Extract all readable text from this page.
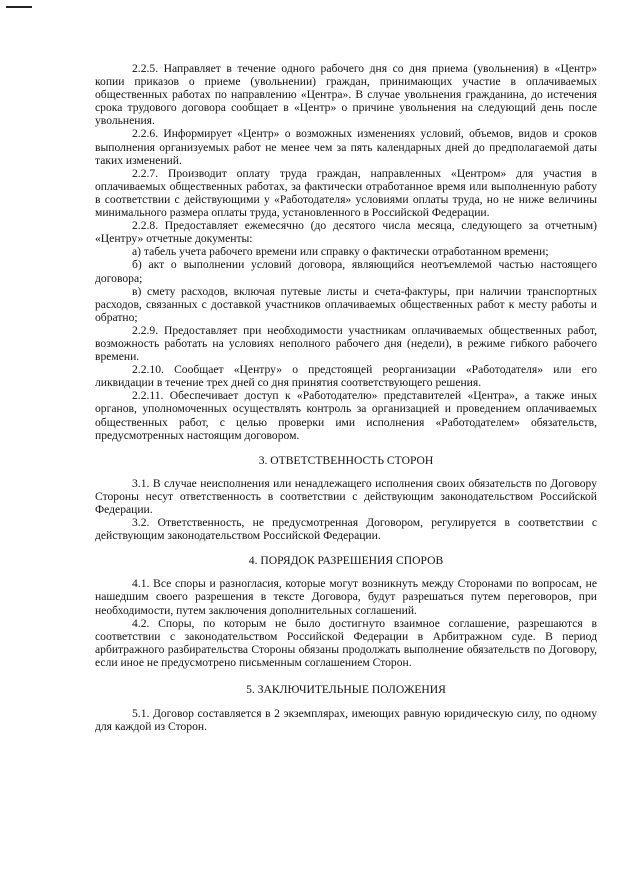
2.2.5. Направляет в течение одного рабочего дня со дня приема (увольнения) в «Центр» копии приказов о приеме (увольнении) граждан, принимающих участие в оплачиваемых общественных работах по направлению «Центра». В случае увольнения гражданина, до истечения срока трудового договора сообщает в «Центр» о причине увольнения на следующий день после увольнения.

2.2.6. Информирует «Центр» о возможных изменениях условий, объемов, видов и сроков выполнения организуемых работ не менее чем за пять календарных дней до предполагаемой даты таких изменений.

2.2.7. Производит оплату труда граждан, направленных «Центром» для участия в оплачиваемых общественных работах, за фактически отработанное время или выполненную работу в соответствии с действующими у «Работодателя» условиями оплаты труда, но не ниже величины минимального размера оплаты труда, установленного в Российской Федерации.

2.2.8. Предоставляет ежемесячно (до десятого числа месяца, следующего за отчетным) «Центру» отчетные документы:

а) табель учета рабочего времени или справку о фактически отработанном времени;

б) акт о выполнении условий договора, являющийся неотъемлемой частью настоящего договора;

в) смету расходов, включая путевые листы и счета-фактуры, при наличии транспортных расходов, связанных с доставкой участников оплачиваемых общественных работ к месту работы и обратно;

2.2.9. Предоставляет при необходимости участникам оплачиваемых общественных работ, возможность работать на условиях неполного рабочего дня (недели), в режиме гибкого рабочего времени.

2.2.10. Сообщает «Центру» о предстоящей реорганизации «Работодателя» или его ликвидации в течение трех дней со дня принятия соответствующего решения.

2.2.11. Обеспечивает доступ к «Работодателю» представителей «Центра», а также иных органов, уполномоченных осуществлять контроль за организацией и проведением оплачиваемых общественных работ, с целью проверки ими исполнения «Работодателем» обязательств, предусмотренных настоящим договором.

3. ОТВЕТСТВЕННОСТЬ СТОРОН

3.1. В случае неисполнения или ненадлежащего исполнения своих обязательств по Договору Стороны несут ответственность в соответствии с действующим законодательством Российской Федерации.

3.2. Ответственность, не предусмотренная Договором, регулируется в соответствии с действующим законодательством Российской Федерации.

4. ПОРЯДОК РАЗРЕШЕНИЯ СПОРОВ

4.1. Все споры и разногласия, которые могут возникнуть между Сторонами по вопросам, не нашедшим своего разрешения в тексте Договора, будут разрешаться путем переговоров, при необходимости, путем заключения дополнительных соглашений.

4.2. Споры, по которым не было достигнуто взаимное соглашение, разрешаются в соответствии с законодательством Российской Федерации в Арбитражном суде. В период арбитражного разбирательства Стороны обязаны продолжать выполнение обязательств по Договору, если иное не предусмотрено письменным соглашением Сторон.

5. ЗАКЛЮЧИТЕЛЬНЫЕ ПОЛОЖЕНИЯ

5.1. Договор составляется в 2 экземплярах, имеющих равную юридическую силу, по одному для каждой из Сторон.
